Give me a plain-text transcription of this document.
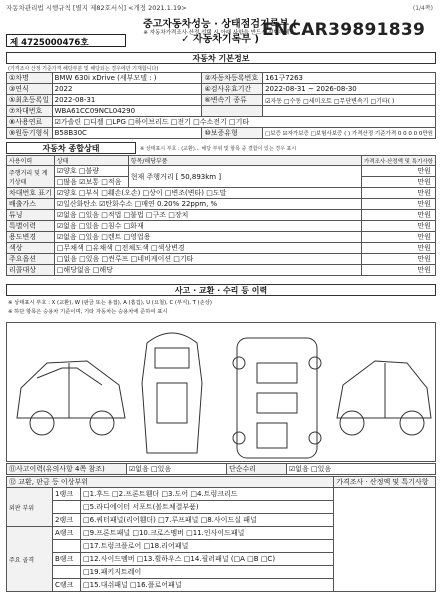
자동차관리법 시행규칙 [별지 제82호서식] <개정 2021.1.19>	(1/4쪽)
중고자동차성능 · 상태점검기록부 ( ✓ 자동차기록부 )
※ 자동차가격조사·산정 선택 시 아래 사항을 반드시 선택하세요.
ENCAR39891839
제 47250004​76호
자동차 기본정보
(가격조사 산정 기준가격 해당부분 및 해당되는 경우에만 기재합니다)
①차명	BMW 630i xDrive (세부모델 : )	②자동차등록번호	161구7263
③연식	2022	④검사유효기간	2022-08-31 ~ 2026-08-30
⑤최초등록일	2022-08-31	⑥변속기 종류	☑자동 □수동 □세미오토 □무단변속기 □기타( )
⑦차대번호	WBA61CC09NCL04290		
⑧사용연료	☑가솔린 □디젤 □LPG □하이브리드 □전기 □수소전기 □기타		
⑨원동기형식	B58B30C	⑩보증유형	□보증 ☑자가보증 □보험사보증 ( ) 가격산정 기준가격 0 0 0 0 0만원
자동차 종합상태	※ 상태표시 부호 : (교환)… 해당 부위 및 항목 중 결함이 있는 경우 표시
사용이력	상태	항목/해당부품	가격조사·산정액 및 특기사항
주행거리 및 계기상태	☑양호 □불량	현재 주행거리 [ 50,893km ]	만원
	□많음 ☑보통 □적음		만원
차대번호 표기	☑양호 □부식 □훼손(오손) □상이 □변조(변타) □도말		만원
배출가스	☑일산화탄소 ☑탄화수소 □매연 0.20% 22ppm, %		만원
튜닝	☑없음 □있음 □적법 □불법 □구조 □장치		만원
특별이력	☑없음 □있음 □침수 □화재		만원
용도변경	☑없음 □있음 □렌트 □영업용		만원
색상	□무채색 □유채색 □전체도색 □색상변경		만원
주요옵션	□없음 □있음 □썬루프 □네비게이션 □기타		만원
리콜대상	□해당없음 □해당		만원
사고 · 교환 · 수리 등 이력
※ 상태표시 부호 : X (교환), W (판금 또는 용접), A (흠집), U (요철), C (부식), T (손상)
※ 하단 항목은 승용차 기준이며, 기타 자동차는 승용차에 준하여 표시
⑪사고이력(유의사항 4쪽 참조)	☑없음 □있음	단순수리	☑없음 □있음
⑫ 교환, 판금 등 이상부위			가격조사 · 산정액 및 특기사항
외판 부위	1랭크	□1.후드 □2.프론트휀더 □3.도어 □4.트렁크리드	
		□5.라디에이터 서포트(볼트체결부품)	
	2랭크	□6.쿼터패널(리어휀더) □7.루프패널 □8.사이드실 패널	
주요 골격	A랭크	□9.프론트패널 □10.크로스멤버 □11.인사이드패널	
		□17.트렁크플로어 □18.리어패널	
	B랭크	□12.사이드멤버 □13.휠하우스 □14.필러패널 (□A □B □C)	
		□19.패키지트레이	
	C랭크	□15.대쉬패널 □16.플로어패널	
